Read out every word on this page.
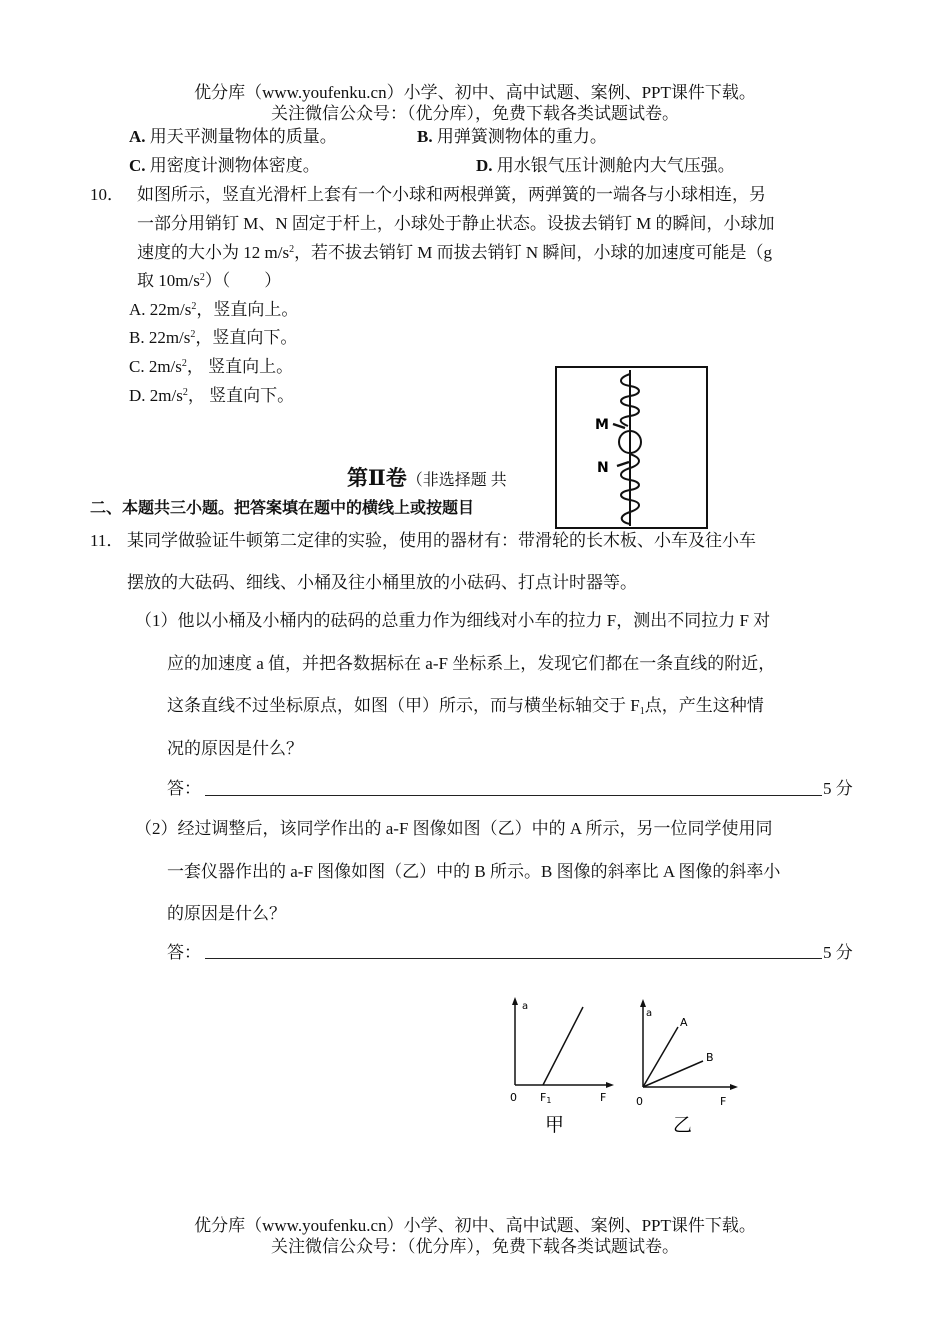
优分库（www.youfenku.cn）小学、初中、高中试题、案例、PPT课件下载。
关注微信公众号：（优分库），免费下载各类试题试卷。
A. 用天平测量物体的质量。	B. 用弹簧测物体的重力。
C. 用密度计测物体密度。	D. 用水银气压计测舱内大气压强。
10． 如图所示，竖直光滑杆上套有一个小球和两根弹簧，两弹簧的一端各与小球相连，另
一部分用销钉 M、N 固定于杆上，小球处于静止状态。设拔去销钉 M 的瞬间，小球加
速度的大小为 12 $m/s^2$，若不拔去销钉 M 而拔去销钉 N 瞬间，小球的加速度可能是（g
取 $10m/s^2$）（　　）
A. $22m/s^2$，竖直向上。
B. $22m/s^2$，竖直向下。
C. $2m/s^2$， 竖直向上。
D. $2m/s^2$， 竖直向下。
第Ⅱ卷（非选择题 共
二、本题共三小题。把答案填在题中的横线上或按题目
11． 某同学做验证牛顿第二定律的实验，使用的器材有：带滑轮的长木板、小车及往小车
摆放的大砝码、细线、小桶及往小桶里放的小砝码、打点计时器等。
（1）他以小桶及小桶内的砝码的总重力作为细线对小车的拉力 F，测出不同拉力 F 对
应的加速度 a 值，并把各数据标在 a-F 坐标系上，发现它们都在一条直线的附近，
这条直线不过坐标原点，如图（甲）所示，而与横坐标轴交于 $F_1$点，产生这种情
况的原因是什么？
答：	5 分
（2）经过调整后，该同学作出的 a-F 图像如图（乙）中的 A 所示，另一位同学使用同
一套仪器作出的 a-F 图像如图（乙）中的 B 所示。B 图像的斜率比 A 图像的斜率小
的原因是什么？
答：	5 分
M
N
a
0 F1	F
甲
a
A
B
0	F
乙
优分库（www.youfenku.cn）小学、初中、高中试题、案例、PPT课件下载。
关注微信公众号：（优分库），免费下载各类试题试卷。
